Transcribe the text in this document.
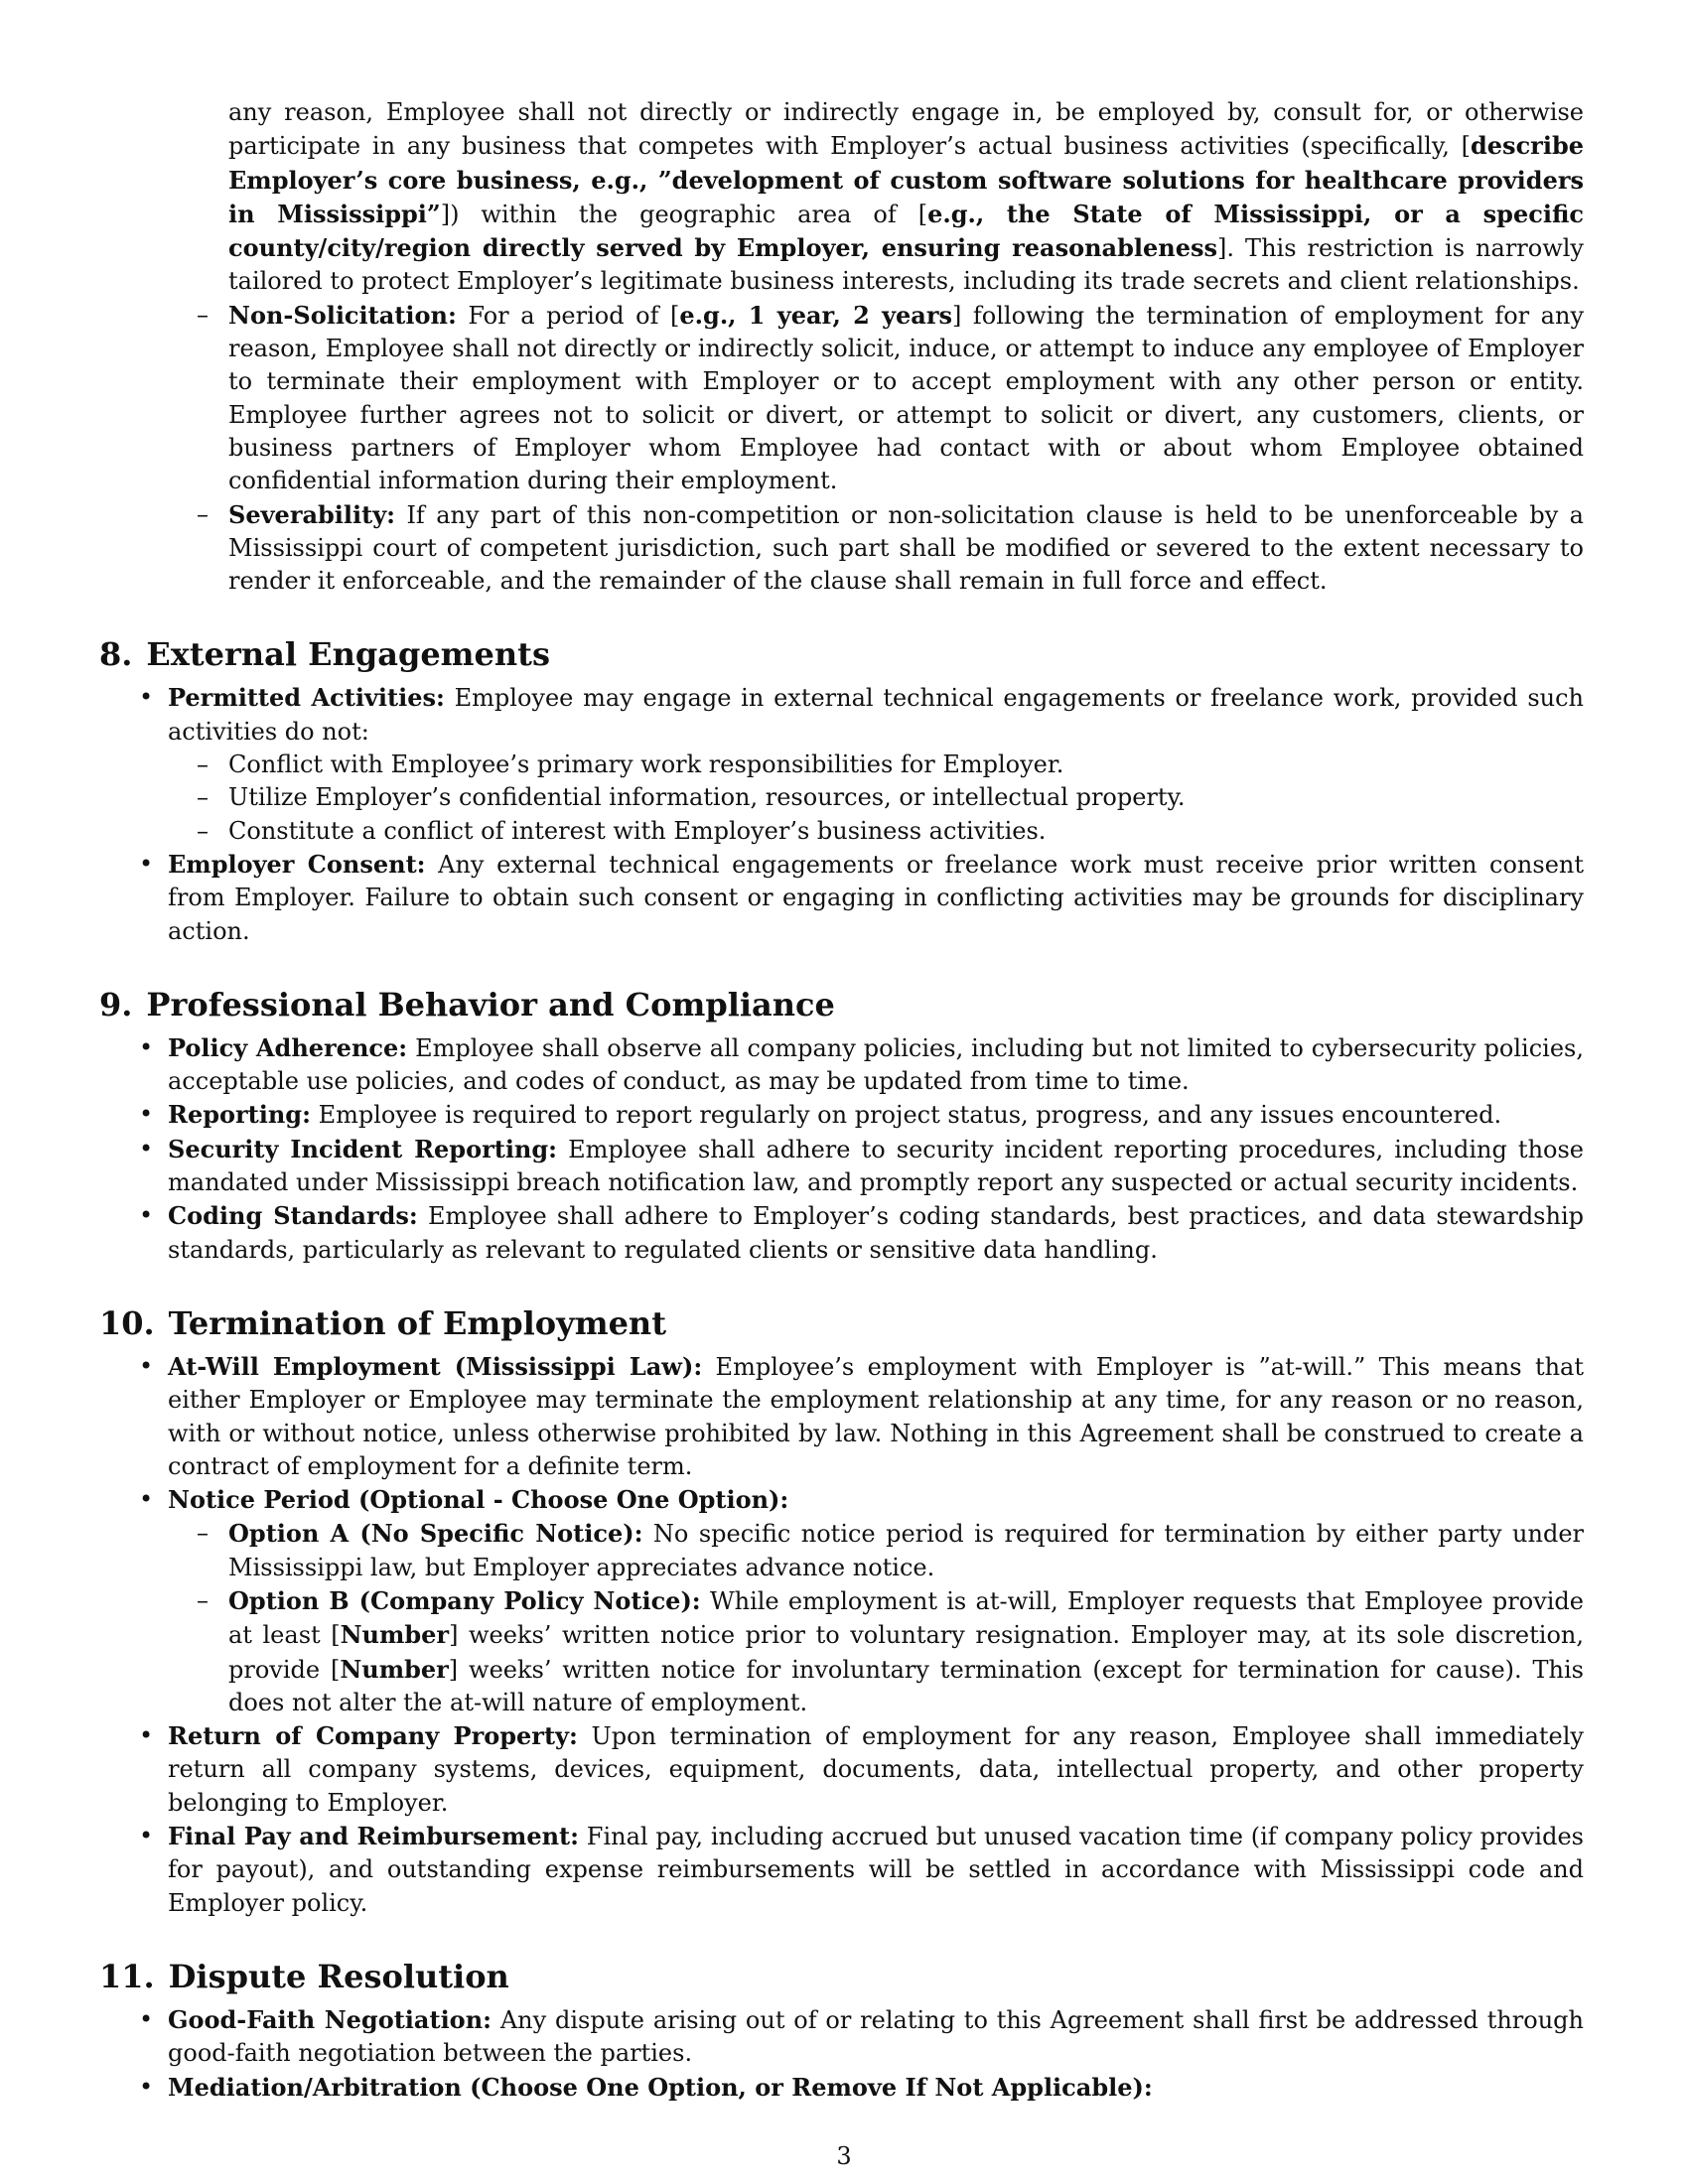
any reason, Employee shall not directly or indirectly engage in, be employed by, consult for, or otherwise participate in any business that competes with Employer’s actual business activities (specifically, [describe Employer’s core business, e.g., ”development of custom software solutions for healthcare providers in Mississippi”]) within the geographic area of [e.g., the State of Mississippi, or a specific county/city/region directly served by Employer, ensuring reasonableness]. This restriction is narrowly tailored to protect Employer’s legitimate business interests, including its trade secrets and client relationships.
– Non-Solicitation: For a period of [e.g., 1 year, 2 years] following the termination of employment for any reason, Employee shall not directly or indirectly solicit, induce, or attempt to induce any employee of Employer to terminate their employment with Employer or to accept employment with any other person or entity. Employee further agrees not to solicit or divert, or attempt to solicit or divert, any customers, clients, or business partners of Employer whom Employee had contact with or about whom Employee obtained confidential information during their employment.
– Severability: If any part of this non-competition or non-solicitation clause is held to be unenforceable by a Mississippi court of competent jurisdiction, such part shall be modified or severed to the extent necessary to render it enforceable, and the remainder of the clause shall remain in full force and effect.
8. External Engagements
• Permitted Activities: Employee may engage in external technical engagements or freelance work, provided such activities do not:
– Conflict with Employee’s primary work responsibilities for Employer.
– Utilize Employer’s confidential information, resources, or intellectual property.
– Constitute a conflict of interest with Employer’s business activities.
• Employer Consent: Any external technical engagements or freelance work must receive prior written consent from Employer. Failure to obtain such consent or engaging in conflicting activities may be grounds for disciplinary action.
9. Professional Behavior and Compliance
• Policy Adherence: Employee shall observe all company policies, including but not limited to cybersecurity policies, acceptable use policies, and codes of conduct, as may be updated from time to time.
• Reporting: Employee is required to report regularly on project status, progress, and any issues encountered.
• Security Incident Reporting: Employee shall adhere to security incident reporting procedures, including those mandated under Mississippi breach notification law, and promptly report any suspected or actual security incidents.
• Coding Standards: Employee shall adhere to Employer’s coding standards, best practices, and data stewardship standards, particularly as relevant to regulated clients or sensitive data handling.
10. Termination of Employment
• At-Will Employment (Mississippi Law): Employee’s employment with Employer is ”at-will.” This means that either Employer or Employee may terminate the employment relationship at any time, for any reason or no reason, with or without notice, unless otherwise prohibited by law. Nothing in this Agreement shall be construed to create a contract of employment for a definite term.
• Notice Period (Optional - Choose One Option):
– Option A (No Specific Notice): No specific notice period is required for termination by either party under Mississippi law, but Employer appreciates advance notice.
– Option B (Company Policy Notice): While employment is at-will, Employer requests that Employee provide at least [Number] weeks’ written notice prior to voluntary resignation. Employer may, at its sole discretion, provide [Number] weeks’ written notice for involuntary termination (except for termination for cause). This does not alter the at-will nature of employment.
• Return of Company Property: Upon termination of employment for any reason, Employee shall immediately return all company systems, devices, equipment, documents, data, intellectual property, and other property belonging to Employer.
• Final Pay and Reimbursement: Final pay, including accrued but unused vacation time (if company policy provides for payout), and outstanding expense reimbursements will be settled in accordance with Mississippi code and Employer policy.
11. Dispute Resolution
• Good-Faith Negotiation: Any dispute arising out of or relating to this Agreement shall first be addressed through good-faith negotiation between the parties.
• Mediation/Arbitration (Choose One Option, or Remove If Not Applicable):
3
